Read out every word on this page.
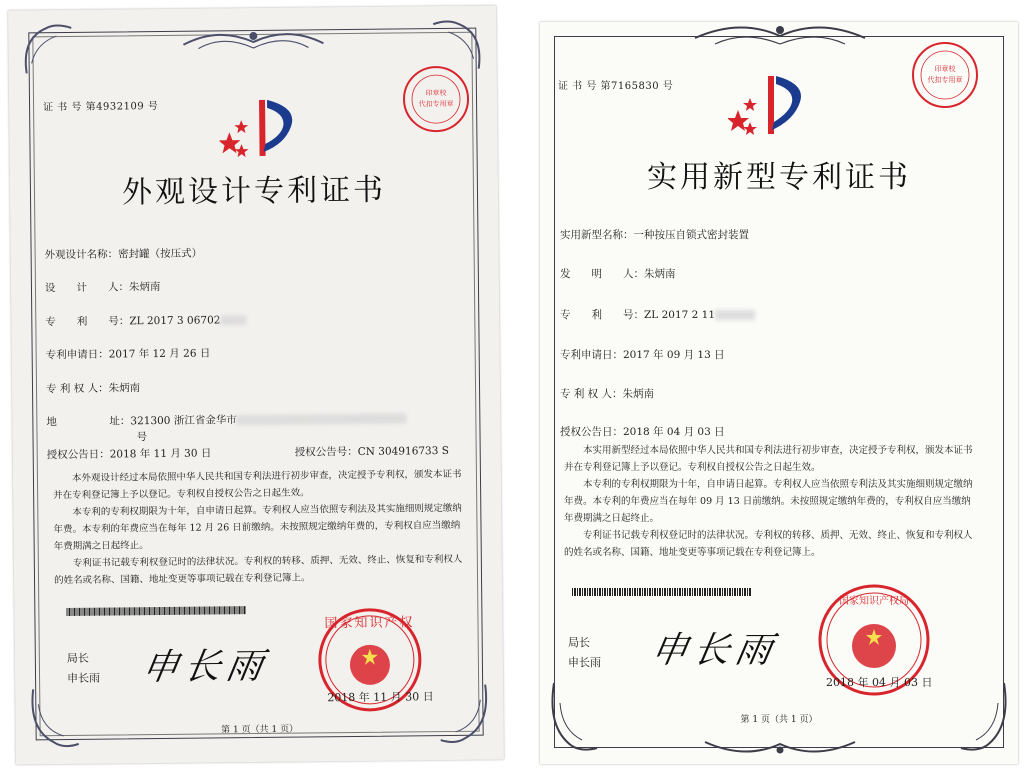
证 书 号 第4932109 号
印章校
代扣专用章
外观设计专利证书
外观设计名称：密封罐（按压式）
设　　计　　人：朱炳南
专　　利　　号：ZL 2017 3 06702
专利申请日：2017 年 12 月 26 日
专 利 权 人：朱炳南
地　　　　　址：321300 浙江省金华市
号
授权公告日：2018 年 11 月 30 日	授权公告号：CN 304916733 S

本外观设计经过本局依照中华人民共和国专利法进行初步审查，决定授予专利权，颁发本证书并在专利登记簿上予以登记。专利权自授权公告之日起生效。

本专利的专利权期限为十年，自申请日起算。专利权人应当依照专利法及其实施细则规定缴纳年费。本专利的年费应当在每年 12 月 26 日前缴纳。未按照规定缴纳年费的，专利权自应当缴纳年费期满之日起终止。

专利证书记载专利权登记时的法律状况。专利权的转移、质押、无效、终止、恢复和专利权人的姓名或名称、国籍、地址变更等事项记载在专利登记簿上。

局长
申长雨 申长雨
国家知识产权
2018 年 11 月 30 日
第 1 页（共 1 页）
证 书 号 第7165830 号
印章校
代扣专用章
实用新型专利证书
实用新型名称：一种按压自锁式密封装置
发　　明　　人：朱炳南
专　　利　　号：ZL 2017 2 11
专利申请日：2017 年 09 月 13 日
专 利 权 人：朱炳南
授权公告日：2018 年 04 月 03 日

本实用新型经过本局依照中华人民共和国专利法进行初步审查，决定授予专利权，颁发本证书并在专利登记簿上予以登记。专利权自授权公告之日起生效。

本专利的专利权期限为十年，自申请日起算。专利权人应当依照专利法及其实施细则规定缴纳年费。本专利的年费应当在每年 09 月 13 日前缴纳。未按照规定缴纳年费的，专利权自应当缴纳年费期满之日起终止。

专利证书记载专利权登记时的法律状况。专利权的转移、质押、无效、终止、恢复和专利权人的姓名或名称、国籍、地址变更等事项记载在专利登记簿上。

局长
申长雨 申长雨
国家知识产权局
2018 年 04 月 03 日
第 1 页（共 1 页）
